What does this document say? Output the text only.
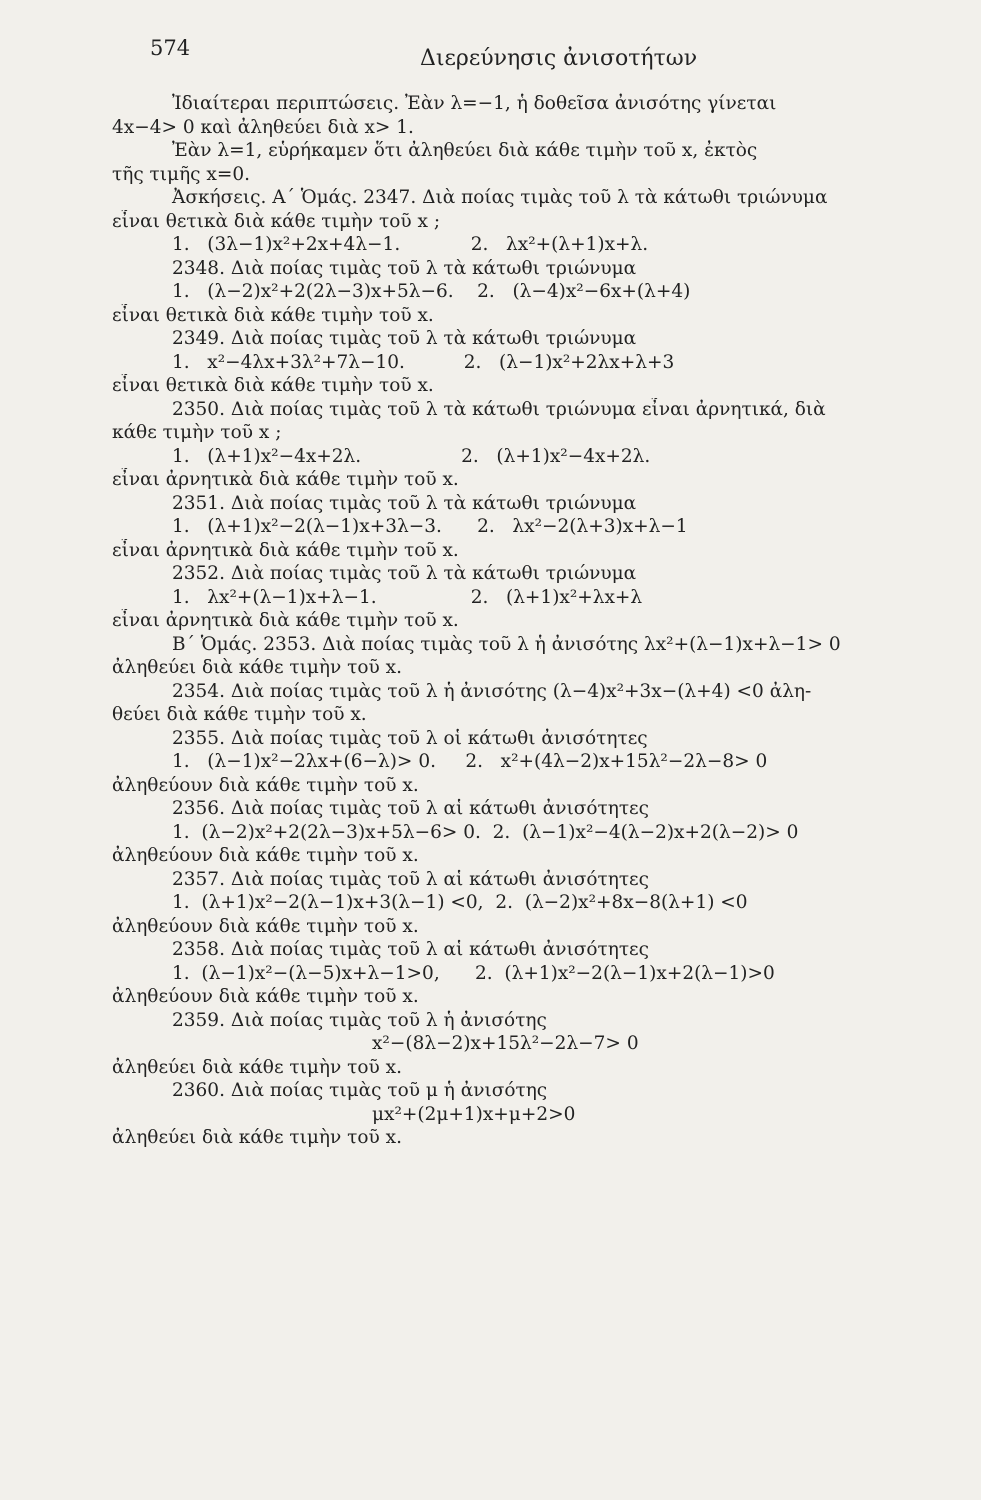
574	Διερεύνησις ἀνισοτήτων
Ἰδιαίτεραι περιπτώσεις. Ἐὰν λ=−1, ἡ δοθεῖσα ἀνισότης γίνεται
4x−4> 0 καὶ ἀληθεύει διὰ x> 1.
Ἐὰν λ=1, εὑρήκαμεν ὅτι ἀληθεύει διὰ κάθε τιμὴν τοῦ x, ἐκτὸς
τῆς τιμῆς x=0.
Ἀσκήσεις. Α΄ Ὁμάς. 2347. Διὰ ποίας τιμὰς τοῦ λ τὰ κάτωθι τριώνυμα
εἶναι θετικὰ διὰ κάθε τιμὴν τοῦ x ;
1.   (3λ−1)x²+2x+4λ−1.            2.   λx²+(λ+1)x+λ.
2348. Διὰ ποίας τιμὰς τοῦ λ τὰ κάτωθι τριώνυμα
1.   (λ−2)x²+2(2λ−3)x+5λ−6.    2.   (λ−4)x²−6x+(λ+4)
εἶναι θετικὰ διὰ κάθε τιμὴν τοῦ x.
2349. Διὰ ποίας τιμὰς τοῦ λ τὰ κάτωθι τριώνυμα
1.   x²−4λx+3λ²+7λ−10.          2.   (λ−1)x²+2λx+λ+3
εἶναι θετικὰ διὰ κάθε τιμὴν τοῦ x.
2350. Διὰ ποίας τιμὰς τοῦ λ τὰ κάτωθι τριώνυμα εἶναι ἀρνητικά, διὰ
κάθε τιμὴν τοῦ x ;
1.   (λ+1)x²−4x+2λ.                 2.   (λ+1)x²−4x+2λ.
εἶναι ἀρνητικὰ διὰ κάθε τιμὴν τοῦ x.
2351. Διὰ ποίας τιμὰς τοῦ λ τὰ κάτωθι τριώνυμα
1.   (λ+1)x²−2(λ−1)x+3λ−3.      2.   λx²−2(λ+3)x+λ−1
εἶναι ἀρνητικὰ διὰ κάθε τιμὴν τοῦ x.
2352. Διὰ ποίας τιμὰς τοῦ λ τὰ κάτωθι τριώνυμα
1.   λx²+(λ−1)x+λ−1.                2.   (λ+1)x²+λx+λ
εἶναι ἀρνητικὰ διὰ κάθε τιμὴν τοῦ x.
Β΄ Ὁμάς. 2353. Διὰ ποίας τιμὰς τοῦ λ ἡ ἀνισότης λx²+(λ−1)x+λ−1> 0
ἀληθεύει διὰ κάθε τιμὴν τοῦ x.
2354. Διὰ ποίας τιμὰς τοῦ λ ἡ ἀνισότης (λ−4)x²+3x−(λ+4) <0 ἀλη-
θεύει διὰ κάθε τιμὴν τοῦ x.
2355. Διὰ ποίας τιμὰς τοῦ λ οἱ κάτωθι ἀνισότητες
1.   (λ−1)x²−2λx+(6−λ)> 0.     2.   x²+(4λ−2)x+15λ²−2λ−8> 0
ἀληθεύουν διὰ κάθε τιμὴν τοῦ x.
2356. Διὰ ποίας τιμὰς τοῦ λ αἱ κάτωθι ἀνισότητες
1.  (λ−2)x²+2(2λ−3)x+5λ−6> 0.  2.  (λ−1)x²−4(λ−2)x+2(λ−2)> 0
ἀληθεύουν διὰ κάθε τιμὴν τοῦ x.
2357. Διὰ ποίας τιμὰς τοῦ λ αἱ κάτωθι ἀνισότητες
1.  (λ+1)x²−2(λ−1)x+3(λ−1) <0,  2.  (λ−2)x²+8x−8(λ+1) <0
ἀληθεύουν διὰ κάθε τιμὴν τοῦ x.
2358. Διὰ ποίας τιμὰς τοῦ λ αἱ κάτωθι ἀνισότητες
1.  (λ−1)x²−(λ−5)x+λ−1>0,      2.  (λ+1)x²−2(λ−1)x+2(λ−1)>0
ἀληθεύουν διὰ κάθε τιμὴν τοῦ x.
2359. Διὰ ποίας τιμὰς τοῦ λ ἡ ἀνισότης
x²−(8λ−2)x+15λ²−2λ−7> 0
ἀληθεύει διὰ κάθε τιμὴν τοῦ x.
2360. Διὰ ποίας τιμὰς τοῦ μ ἡ ἀνισότης
μx²+(2μ+1)x+μ+2>0
ἀληθεύει διὰ κάθε τιμὴν τοῦ x.
